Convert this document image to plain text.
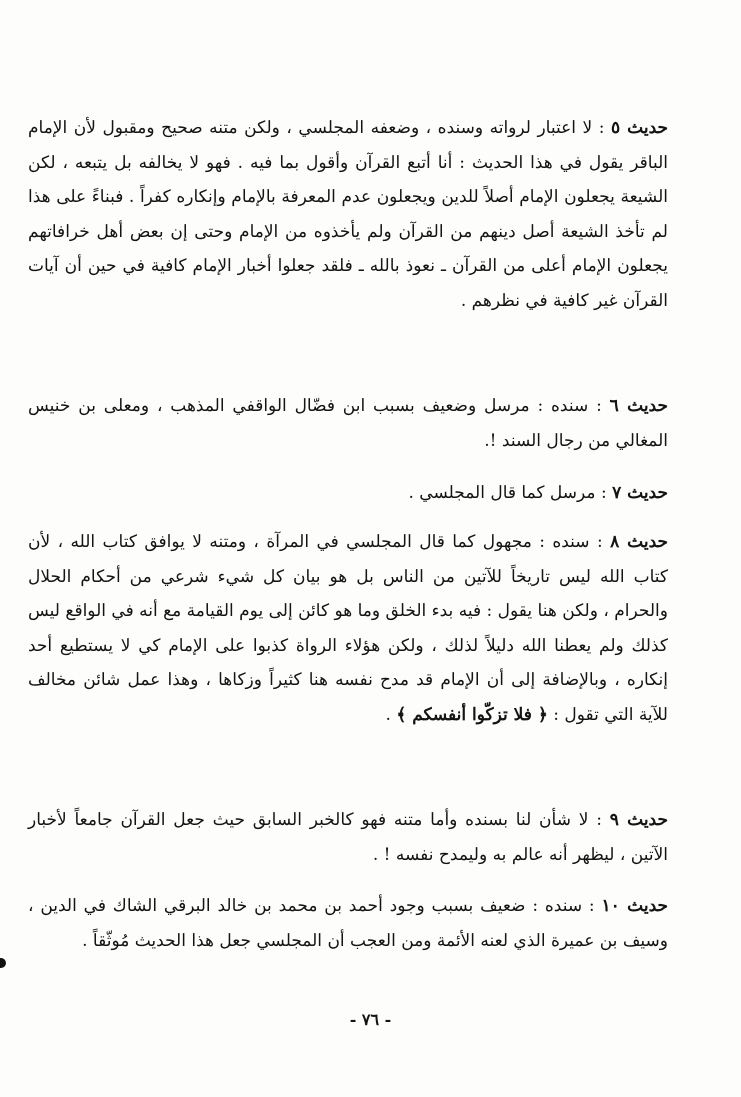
حديث ٥ : لا اعتبار لرواته وسنده ، وضعفه المجلسي ، ولكن متنه صحيح ومقبول لأن الإمام الباقر يقول في هذا الحديث : أنا أتبع القرآن وأقول بما فيه . فهو لا يخالفه بل يتبعه ، لكن الشيعة يجعلون الإمام أصلاً للدين ويجعلون عدم المعرفة بالإمام وإنكاره كفراً . فبناءً على هذا لم تأخذ الشيعة أصل دينهم من القرآن ولم يأخذوه من الإمام وحتى إن بعض أهل خرافاتهم يجعلون الإمام أعلى من القرآن ـ نعوذ بالله ـ فلقد جعلوا أخبار الإمام كافية في حين أن آيات القرآن غير كافية في نظرهم .

حديث ٦ : سنده : مرسل وضعيف بسبب ابن فضّال الواقفي المذهب ، ومعلى بن خنيس المغالي من رجال السند !.

حديث ٧ : مرسل كما قال المجلسي .

حديث ٨ : سنده : مجهول كما قال المجلسي في المرآة ، ومتنه لا يوافق كتاب الله ، لأن كتاب الله ليس تاريخاً للآتين من الناس بل هو بيان كل شيء شرعي من أحكام الحلال والحرام ، ولكن هنا يقول : فيه بدء الخلق وما هو كائن إلى يوم القيامة مع أنه في الواقع ليس كذلك ولم يعطنا الله دليلاً لذلك ، ولكن هؤلاء الرواة كذبوا على الإمام كي لا يستطيع أحد إنكاره ، وبالإضافة إلى أن الإمام قد مدح نفسه هنا كثيراً وزكاها ، وهذا عمل شائن مخالف للآية التي تقول : ﴿ فلا تزكّوا أنفسكم ﴾ .

حديث ٩ : لا شأن لنا بسنده وأما متنه فهو كالخبر السابق حيث جعل القرآن جامعاً لأخبار الآتين ، ليظهر أنه عالم به وليمدح نفسه ! .

حديث ١٠ : سنده : ضعيف بسبب وجود أحمد بن محمد بن خالد البرقي الشاك في الدين ، وسيف بن عميرة الذي لعنه الأئمة ومن العجب أن المجلسي جعل هذا الحديث مُوثّقاً .

- ٧٦ -
